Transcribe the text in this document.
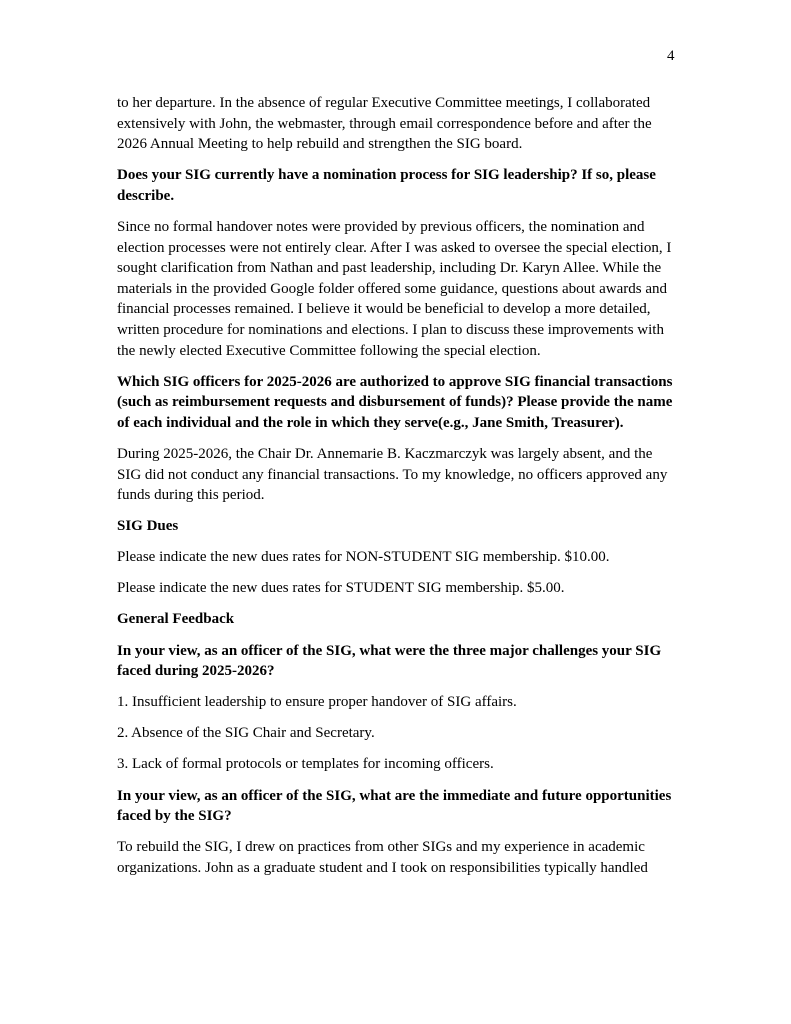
4

to her departure. In the absence of regular Executive Committee meetings, I collaborated extensively with John, the webmaster, through email correspondence before and after the 2026 Annual Meeting to help rebuild and strengthen the SIG board.

Does your SIG currently have a nomination process for SIG leadership? If so, please describe.

Since no formal handover notes were provided by previous officers, the nomination and election processes were not entirely clear. After I was asked to oversee the special election, I sought clarification from Nathan and past leadership, including Dr. Karyn Allee. While the materials in the provided Google folder offered some guidance, questions about awards and financial processes remained. I believe it would be beneficial to develop a more detailed, written procedure for nominations and elections. I plan to discuss these improvements with the newly elected Executive Committee following the special election.

Which SIG officers for 2025-2026 are authorized to approve SIG financial transactions (such as reimbursement requests and disbursement of funds)? Please provide the name of each individual and the role in which they serve(e.g., Jane Smith, Treasurer).

During 2025-2026, the Chair Dr. Annemarie B. Kaczmarczyk was largely absent, and the SIG did not conduct any financial transactions. To my knowledge, no officers approved any funds during this period.

SIG Dues

Please indicate the new dues rates for NON-STUDENT SIG membership. $10.00.

Please indicate the new dues rates for STUDENT SIG membership. $5.00.

General Feedback

In your view, as an officer of the SIG, what were the three major challenges your SIG faced during 2025-2026?

1. Insufficient leadership to ensure proper handover of SIG affairs.

2. Absence of the SIG Chair and Secretary.

3. Lack of formal protocols or templates for incoming officers.

In your view, as an officer of the SIG, what are the immediate and future opportunities faced by the SIG?

To rebuild the SIG, I drew on practices from other SIGs and my experience in academic organizations. John as a graduate student and I took on responsibilities typically handled
